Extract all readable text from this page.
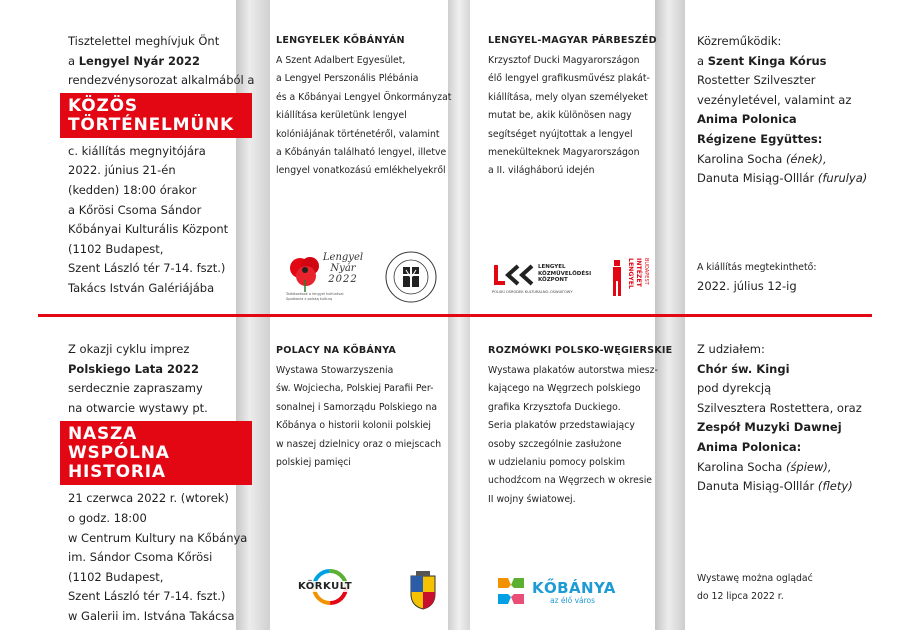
Tisztelettel meghívjuk Önt
a Lengyel Nyár 2022
rendezvénysorozat alkalmából a
KÖZÖS
TÖRTÉNELMÜNK
c. kiállítás megnyitójára
2022. június 21-én
(kedden) 18:00 órakor
a Kőrösi Csoma Sándor
Kőbányai Kulturális Központ
(1102 Budapest,
Szent László tér 7-14. fszt.)
Takács István Galériájába
LENGYELEK KŐBÁNYÁN
A Szent Adalbert Egyesület,
a Lengyel Perszonális Plébánia
és a Kőbányai Lengyel Önkormányzat
kiállítása kerületünk lengyel
kolóniájának történetéről, valamint
a Kőbányán található lengyel, illetve
lengyel vonatkozású emlékhelyekről
LENGYEL-MAGYAR PÁRBESZÉD
Krzysztof Ducki Magyarországon
élő lengyel grafikusművész plakát-
kiállítása, mely olyan személyeket
mutat be, akik különösen nagy
segítséget nyújtottak a lengyel
menekülteknek Magyarországon
a II. világháború idején
Közreműködik:
a Szent Kinga Kórus
Rostetter Szilveszter
vezényletével, valamint az
Anima Polonica
Régizene Együttes:
Karolina Socha (ének),
Danuta Misiąg-Olllár (furulya)
A kiállítás megtekinthető:
2022. július 12-ig
Lengyel
Nyár
2022
Találkozások a lengyel kultúrával
Spotkania z polską kulturą
LENGYEL
KÖZMŰVELŐDÉSI
KÖZPONT
POLSKI OŚRODEK KULTURALNO-OŚWIATOWY
LENGYEL INTÉZET BUDAPEST
Z okazji cyklu imprez
Polskiego Lata 2022
serdecznie zapraszamy
na otwarcie wystawy pt.
NASZA WSPÓLNA
HISTORIA
21 czerwca 2022 r. (wtorek)
o godz. 18:00
w Centrum Kultury na Kőbánya
im. Sándor Csoma Kőrösi
(1102 Budapest,
Szent László tér 7-14. fszt.)
w Galerii im. Istvána Takácsa
POLACY NA KŐBÁNYA
Wystawa Stowarzyszenia
św. Wojciecha, Polskiej Parafii Per-
sonalnej i Samorządu Polskiego na
Kőbánya o historii kolonii polskiej
w naszej dzielnicy oraz o miejscach
polskiej pamięci
ROZMÓWKI POLSKO-WĘGIERSKIE
Wystawa plakatów autorstwa miesz-
kającego na Węgrzech polskiego
grafika Krzysztofa Duckiego.
Seria plakatów przedstawiający
osoby szczególnie zasłużone
w udzielaniu pomocy polskim
uchodźcom na Węgrzech w okresie
II wojny światowej.
Z udziałem:
Chór św. Kingi
pod dyrekcją
Szilvesztera Rostettera, oraz
Zespół Muzyki Dawnej
Anima Polonica:
Karolina Socha (śpiew),
Danuta Misiąg-Olllár (flety)
Wystawę można oglądać
do 12 lipca 2022 r.
KÖRKULT	KŐBÁNYA
az élő város
